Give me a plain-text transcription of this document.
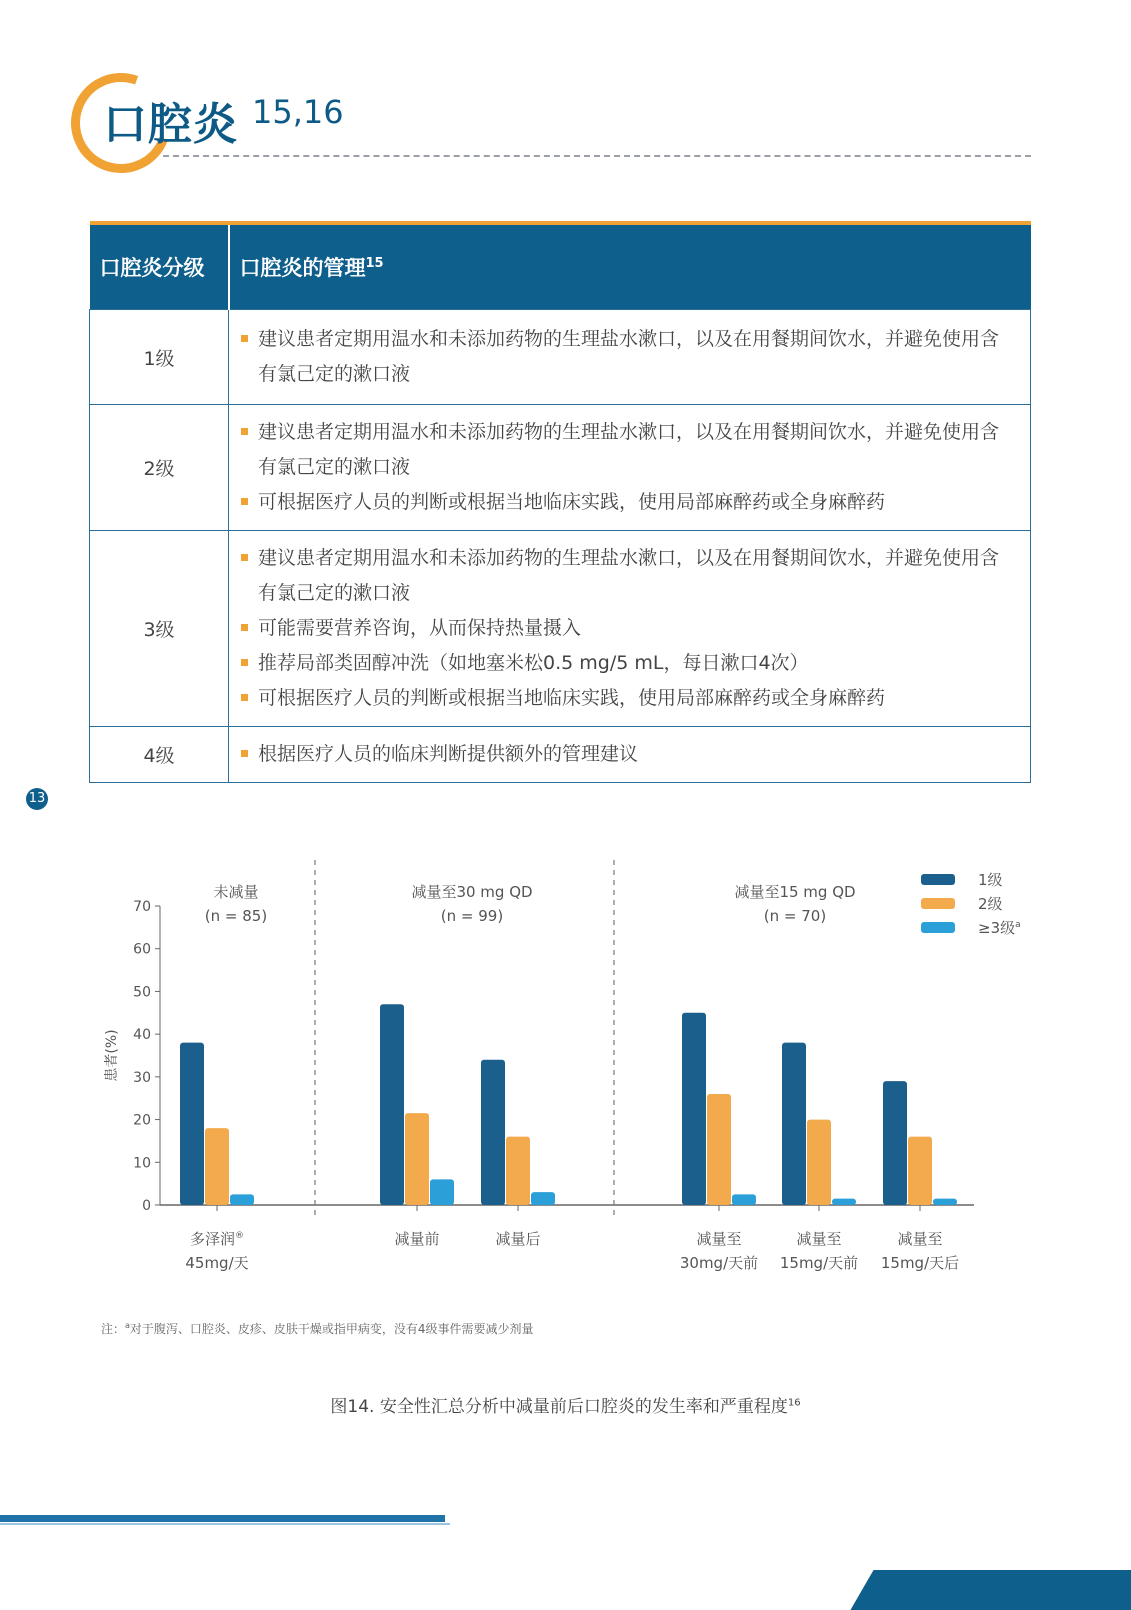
口腔炎 15,16
口腔炎分级	口腔炎的管理$^{15}$
1级	建议患者定期用温水和未添加药物的生理盐水漱口，以及在用餐期间饮水，并避免使用含有氯己定的漱口液

2级	建议患者定期用温水和未添加药物的生理盐水漱口，以及在用餐期间饮水，并避免使用含有氯己定的漱口液
可根据医疗人员的判断或根据当地临床实践，使用局部麻醉药或全身麻醉药

3级	建议患者定期用温水和未添加药物的生理盐水漱口，以及在用餐期间饮水，并避免使用含有氯己定的漱口液
可能需要营养咨询，从而保持热量摄入
推荐局部类固醇冲洗（如地塞米松0.5 mg/5 mL，每日漱口4次）
可根据医疗人员的判断或根据当地临床实践，使用局部麻醉药或全身麻醉药

4级	根据医疗人员的临床判断提供额外的管理建议
13
0
10
20
30
40
50
60
70
患者(%)
未减量
(n = 85)
减量至30 mg QD
(n = 99)
减量至15 mg QD
(n = 70)
多泽润®
45mg/天
减量前	减量后	减量至
30mg/天前
减量至
15mg/天前
减量至
15mg/天后
1级
2级
≥3级$^a$
注：$^a$对于腹泻、口腔炎、皮疹、皮肤干燥或指甲病变，没有4级事件需要减少剂量
图14. 安全性汇总分析中减量前后口腔炎的发生率和严重程度$^{16}$
